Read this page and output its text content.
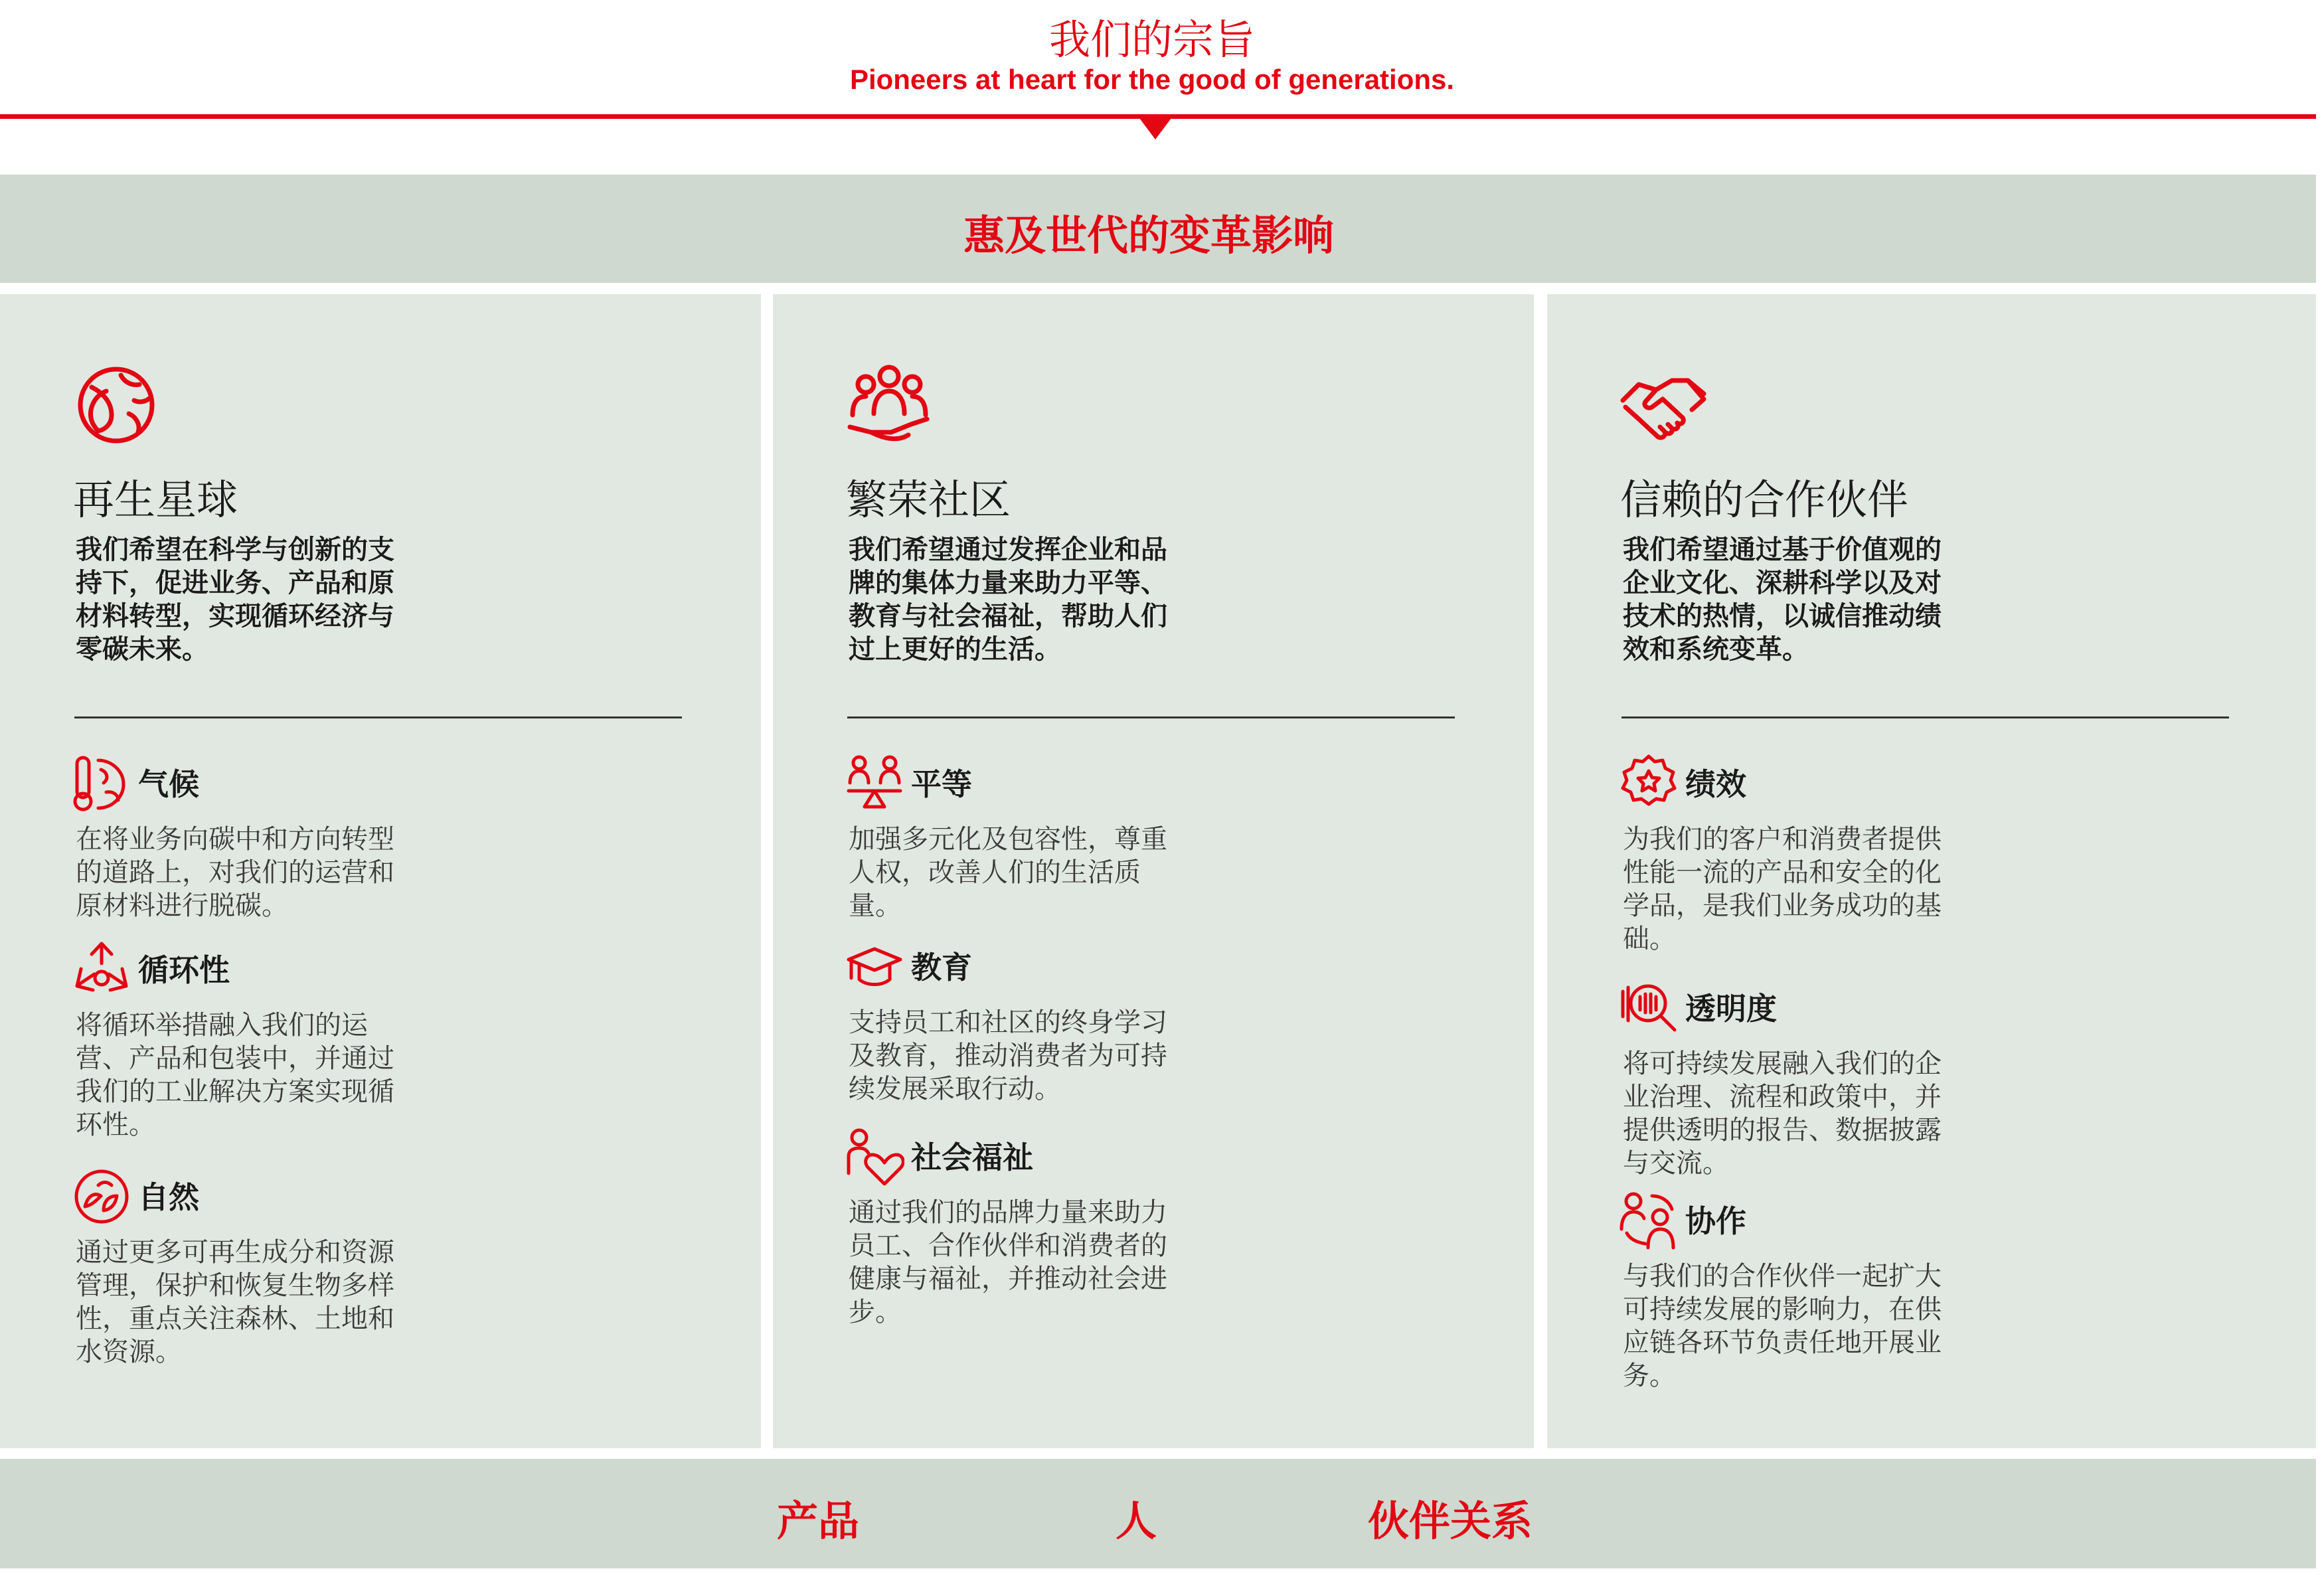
我们的宗旨
Pioneers at heart for the good of generations.
惠及世代的变革影响
再生星球
我们希望在科学与创新的支持下，促进业务、产品和原材料转型，实现循环经济与零碳未来。
气候
在将业务向碳中和方向转型的道路上，对我们的运营和原材料进行脱碳。
循环性
将循环举措融入我们的运营、产品和包装中，并通过我们的工业解决方案实现循环性。
自然
通过更多可再生成分和资源管理，保护和恢复生物多样性，重点关注森林、土地和水资源。
繁荣社区
我们希望通过发挥企业和品牌的集体力量来助力平等、教育与社会福祉，帮助人们过上更好的生活。
平等
加强多元化及包容性，尊重人权，改善人们的生活质量。
教育
支持员工和社区的终身学习及教育，推动消费者为可持续发展采取行动。
社会福祉
通过我们的品牌力量来助力员工、合作伙伴和消费者的健康与福祉，并推动社会进步。
信赖的合作伙伴
我们希望通过基于价值观的企业文化、深耕科学以及对技术的热情，以诚信推动绩效和系统变革。
绩效
为我们的客户和消费者提供性能一流的产品和安全的化学品，是我们业务成功的基础。
透明度
将可持续发展融入我们的企业治理、流程和政策中，并提供透明的报告、数据披露与交流。
协作
与我们的合作伙伴一起扩大可持续发展的影响力，在供应链各环节负责任地开展业务。
产品	人	伙伴关系
